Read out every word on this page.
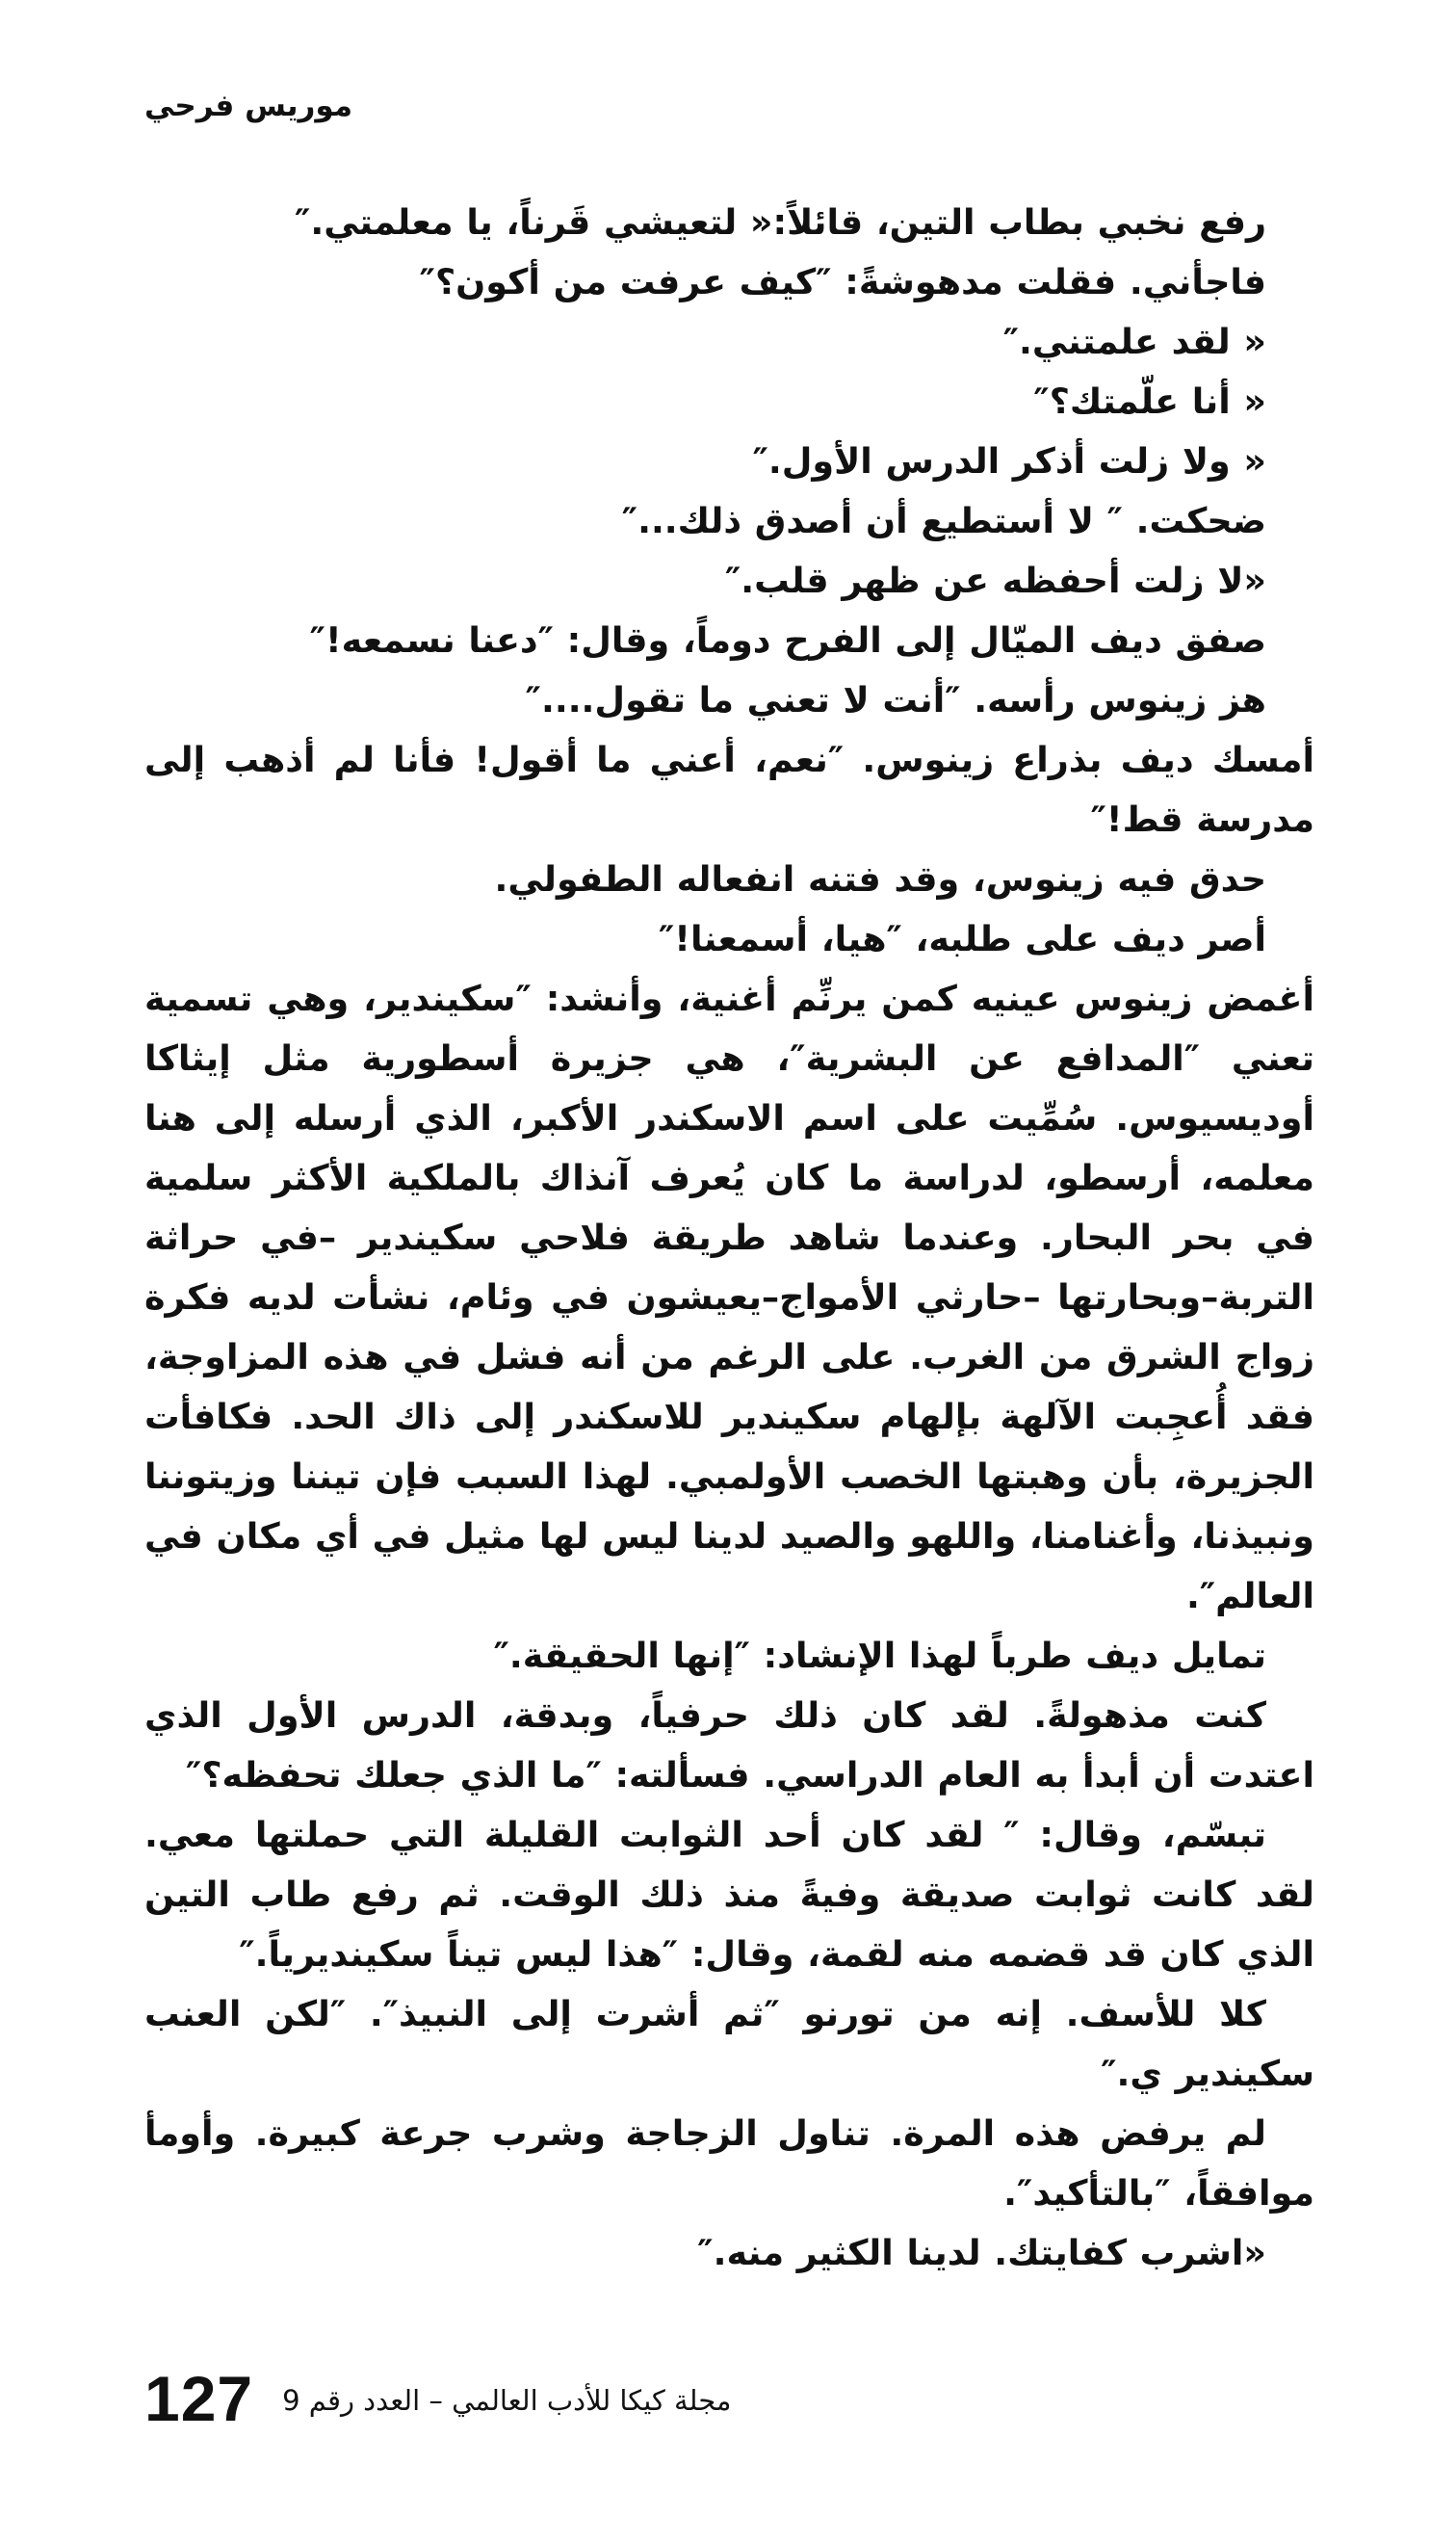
موريس فرحي

رفع نخبي بطاب التين، قائلاً:« لتعيشي قَرناً، يا معلمتي.″

فاجأني. فقلت مدهوشةً: ″كيف عرفت من أكون؟″

« لقد علمتني.″

« أنا علّمتك؟″

« ولا زلت أذكر الدرس الأول.″

ضحكت. ″ لا أستطيع أن أصدق ذلك...″

«لا زلت أحفظه عن ظهر قلب.″

صفق ديف الميّال إلى الفرح دوماً، وقال: ″دعنا نسمعه!″

هز زينوس رأسه. ″أنت لا تعني ما تقول....″

أمسك ديف بذراع زينوس. ″نعم، أعني ما أقول! فأنا لم أذهب إلى مدرسة قط!″

حدق فيه زينوس، وقد فتنه انفعاله الطفولي.

أصر ديف على طلبه، ″هيا، أسمعنا!″

أغمض زينوس عينيه كمن يرنِّم أغنية، وأنشد: ″سكيندير، وهي تسمية تعني ″المدافع عن البشرية″، هي جزيرة أسطورية مثل إيثاكا أوديسيوس. سُمِّيت على اسم الاسكندر الأكبر، الذي أرسله إلى هنا معلمه، أرسطو، لدراسة ما كان يُعرف آنذاك بالملكية الأكثر سلمية في بحر البحار. وعندما شاهد طريقة فلاحي سكيندير –في حراثة التربة–وبحارتها –حارثي الأمواج–يعيشون في وئام، نشأت لديه فكرة زواج الشرق من الغرب. على الرغم من أنه فشل في هذه المزاوجة، فقد أُعجِبت الآلهة بإلهام سكيندير للاسكندر إلى ذاك الحد. فكافأت الجزيرة، بأن وهبتها الخصب الأولمبي. لهذا السبب فإن تيننا وزيتوننا ونبيذنا، وأغنامنا، واللهو والصيد لدينا ليس لها مثيل في أي مكان في العالم″.

تمايل ديف طرباً لهذا الإنشاد: ″إنها الحقيقة.″

كنت مذهولةً. لقد كان ذلك حرفياً، وبدقة، الدرس الأول الذي اعتدت أن أبدأ به العام الدراسي. فسألته: ″ما الذي جعلك تحفظه؟″

تبسّم، وقال: ″ لقد كان أحد الثوابت القليلة التي حملتها معي. لقد كانت ثوابت صديقة وفيةً منذ ذلك الوقت. ثم رفع طاب التين الذي كان قد قضمه منه لقمة، وقال: ″هذا ليس تيناً سكينديرياً.″

كلا للأسف. إنه من تورنو ″ثم أشرت إلى النبيذ″. ″لكن العنب سكيندير ي.″

لم يرفض هذه المرة. تناول الزجاجة وشرب جرعة كبيرة. وأومأ موافقاً، ″بالتأكيد″.

«اشرب كفايتك. لدينا الكثير منه.″

127 مجلة كيكا للأدب العالمي – العدد رقم 9
